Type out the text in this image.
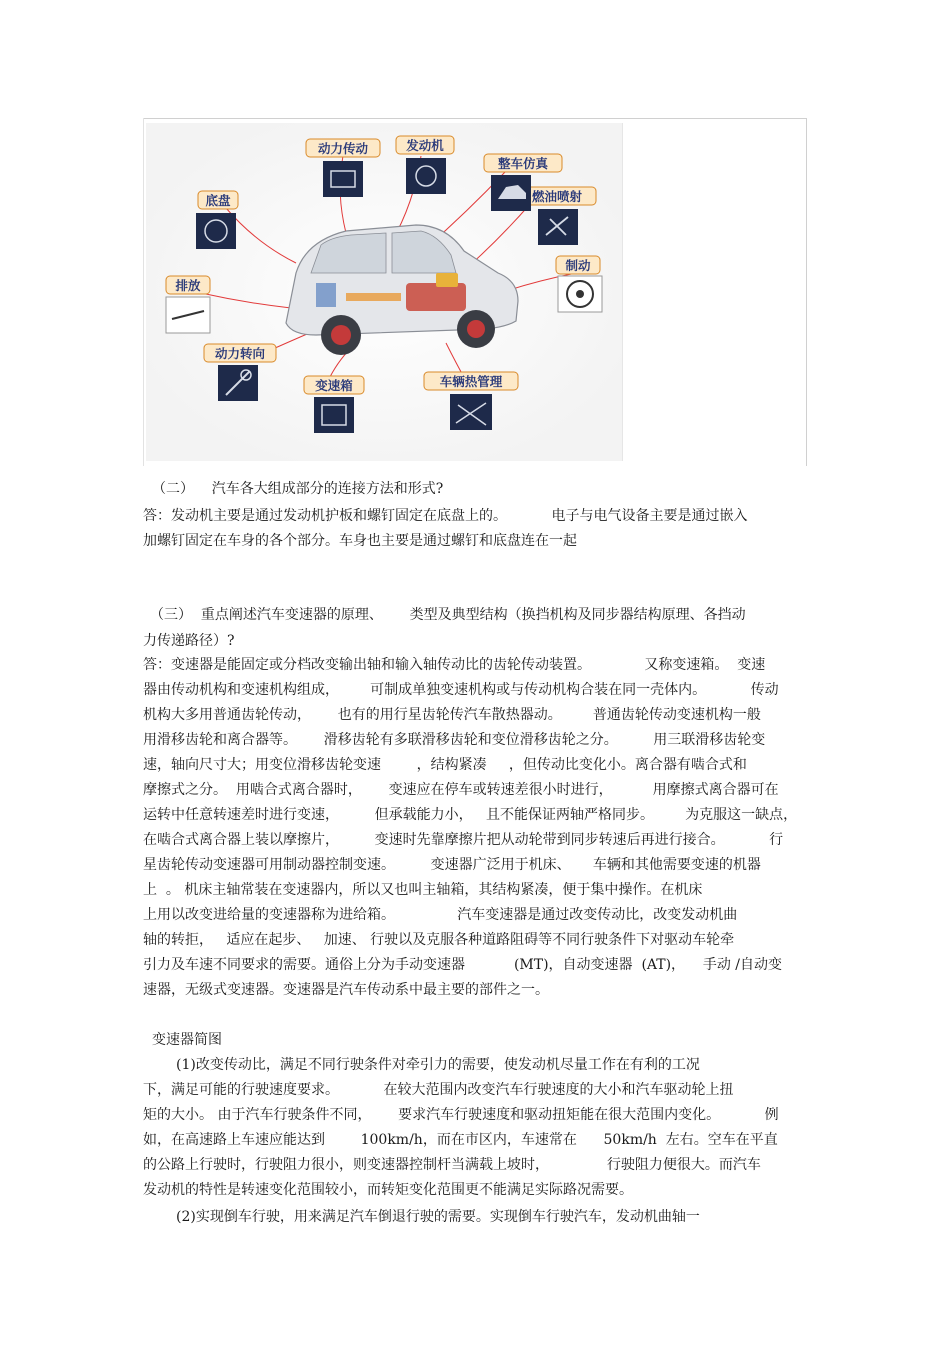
动力传动	发动机
整车仿真
燃油喷射
制动
底盘
排放
动力转向
变速箱	车辆热管理
（二）    汽车各大组成部分的连接方法和形式?
答：发动机主要是通过发动机护板和螺钉固定在底盘上的。          电子与电气设备主要是通过嵌入
加螺钉固定在车身的各个部分。车身也主要是通过螺钉和底盘连在一起
（三）  重点阐述汽车变速器的原理、      类型及典型结构（换挡机构及同步器结构原理、各挡动
力传递路径）?
答：变速器是能固定或分档改变输出轴和输入轴传动比的齿轮传动装置。            又称变速箱。  变速
器由传动机构和变速机构组成，       可制成单独变速机构或与传动机构合装在同一壳体内。          传动
机构大多用普通齿轮传动，      也有的用行星齿轮传汽车散热器动。       普通齿轮传动变速机构一般
用滑移齿轮和离合器等。      滑移齿轮有多联滑移齿轮和变位滑移齿轮之分。        用三联滑移齿轮变
速，轴向尺寸大；用变位滑移齿轮变速        ，结构紧凑     ，但传动比变化小。离合器有啮合式和
摩擦式之分。  用啮合式离合器时，      变速应在停车或转速差很小时进行，         用摩擦式离合器可在
运转中任意转速差时进行变速，        但承载能力小，   且不能保证两轴严格同步。       为克服这一缺点，
在啮合式离合器上装以摩擦片，        变速时先靠摩擦片把从动轮带到同步转速后再进行接合。          行
星齿轮传动变速器可用制动器控制变速。        变速器广泛用于机床、     车辆和其他需要变速的机器
上  。 机床主轴常装在变速器内，所以又也叫主轴箱，其结构紧凑，便于集中操作。在机床
上用以改变进给量的变速器称为进给箱。              汽车变速器是通过改变传动比，改变发动机曲
轴的转拒，   适应在起步、   加速、 行驶以及克服各种道路阻碍等不同行驶条件下对驱动车轮牵
引力及车速不同要求的需要。通俗上分为手动变速器           (MT)，自动变速器  (AT)，    手动 /自动变
速器，无级式变速器。变速器是汽车传动系中最主要的部件之一。
变速器简图
(1)改变传动比，满足不同行驶条件对牵引力的需要，使发动机尽量工作在有利的工况
下，满足可能的行驶速度要求。          在较大范围内改变汽车行驶速度的大小和汽车驱动轮上扭
矩的大小。 由于汽车行驶条件不同，      要求汽车行驶速度和驱动扭矩能在很大范围内变化。          例
如，在高速路上车速应能达到        100km/h，而在市区内，车速常在      50km/h  左右。空车在平直
的公路上行驶时，行驶阻力很小，则变速器控制杆当满载上坡时，             行驶阻力便很大。而汽车
发动机的特性是转速变化范围较小，而转矩变化范围更不能满足实际路况需要。
(2)实现倒车行驶，用来满足汽车倒退行驶的需要。实现倒车行驶汽车，发动机曲轴一
